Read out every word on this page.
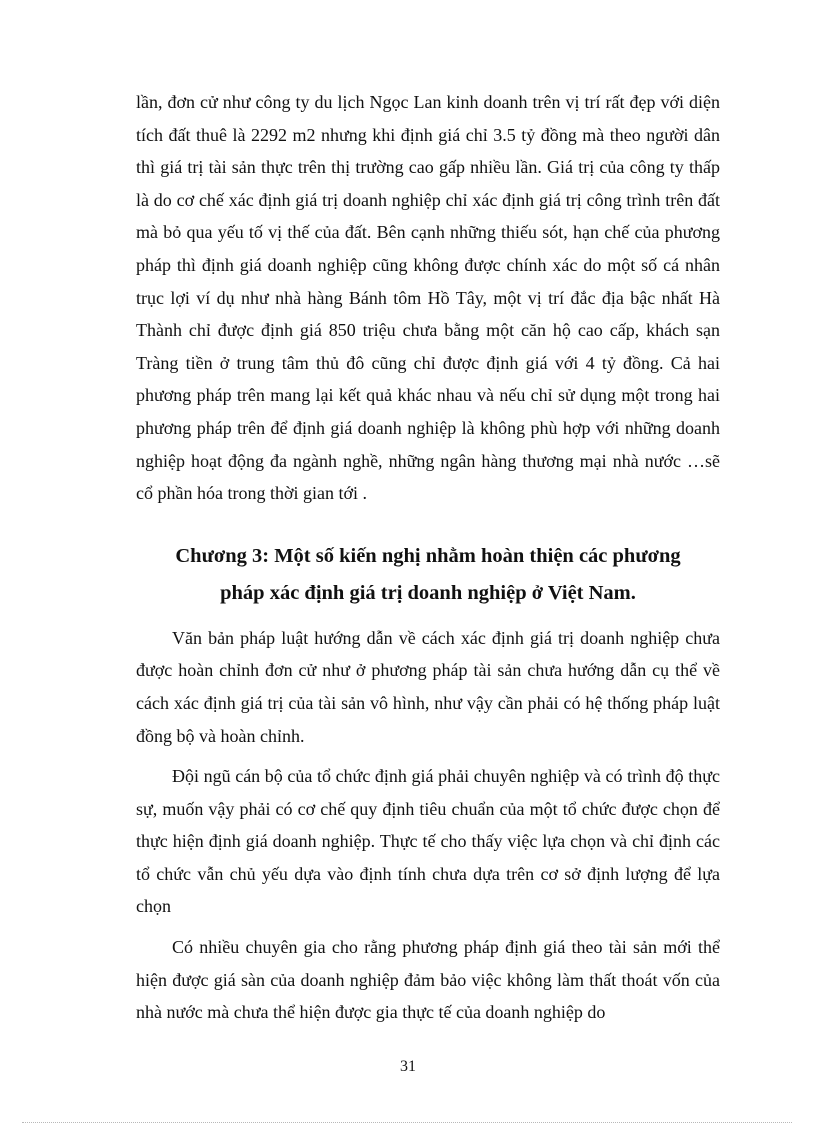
lần, đơn cử như công ty du lịch Ngọc Lan kinh doanh trên vị trí rất đẹp với diện tích đất thuê là 2292 m2 nhưng khi định giá chỉ 3.5 tỷ đồng mà theo người dân thì giá trị tài sản thực trên thị trường cao gấp nhiều lần. Giá trị của công ty thấp là do cơ chế xác định giá trị doanh nghiệp chỉ xác định giá trị công trình trên đất mà bỏ qua yếu tố vị thế của đất. Bên cạnh những thiếu sót, hạn chế của phương pháp thì định giá doanh nghiệp cũng không được chính xác do một số cá nhân trục lợi ví dụ như nhà hàng Bánh tôm Hồ Tây, một vị trí đắc địa bậc nhất Hà Thành chỉ được định giá 850 triệu chưa bằng một căn hộ cao cấp, khách sạn Tràng tiền ở trung tâm thủ đô cũng chỉ được định giá với 4 tỷ đồng. Cả hai phương pháp trên mang lại kết quả khác nhau và nếu chỉ sử dụng một trong hai phương pháp trên để định giá doanh nghiệp là không phù hợp với những doanh nghiệp hoạt động đa ngành nghề, những ngân hàng thương mại nhà nước …sẽ cổ phần hóa trong thời gian tới .

Chương 3: Một số kiến nghị nhằm hoàn thiện các phương
pháp xác định giá trị doanh nghiệp ở Việt Nam.

Văn bản pháp luật hướng dẫn về cách xác định giá trị doanh nghiệp chưa được hoàn chỉnh đơn cử như ở phương pháp tài sản chưa hướng dẫn cụ thể về cách xác định giá trị của tài sản vô hình, như vậy cần phải có hệ thống pháp luật đồng bộ và hoàn chỉnh.

Đội ngũ cán bộ của tổ chức định giá phải chuyên nghiệp và có trình độ thực sự, muốn vậy phải có cơ chế quy định tiêu chuẩn của một tổ chức được chọn để thực hiện định giá doanh nghiệp. Thực tế cho thấy việc lựa chọn và chỉ định các tổ chức vẫn chủ yếu dựa vào định tính chưa dựa trên cơ sở định lượng để lựa chọn

Có nhiều chuyên gia cho rằng phương pháp định giá theo tài sản mới thể hiện được giá sàn của doanh nghiệp đảm bảo việc không làm thất thoát vốn của nhà nước mà chưa thể hiện được gia thực tế của doanh nghiệp do

31
